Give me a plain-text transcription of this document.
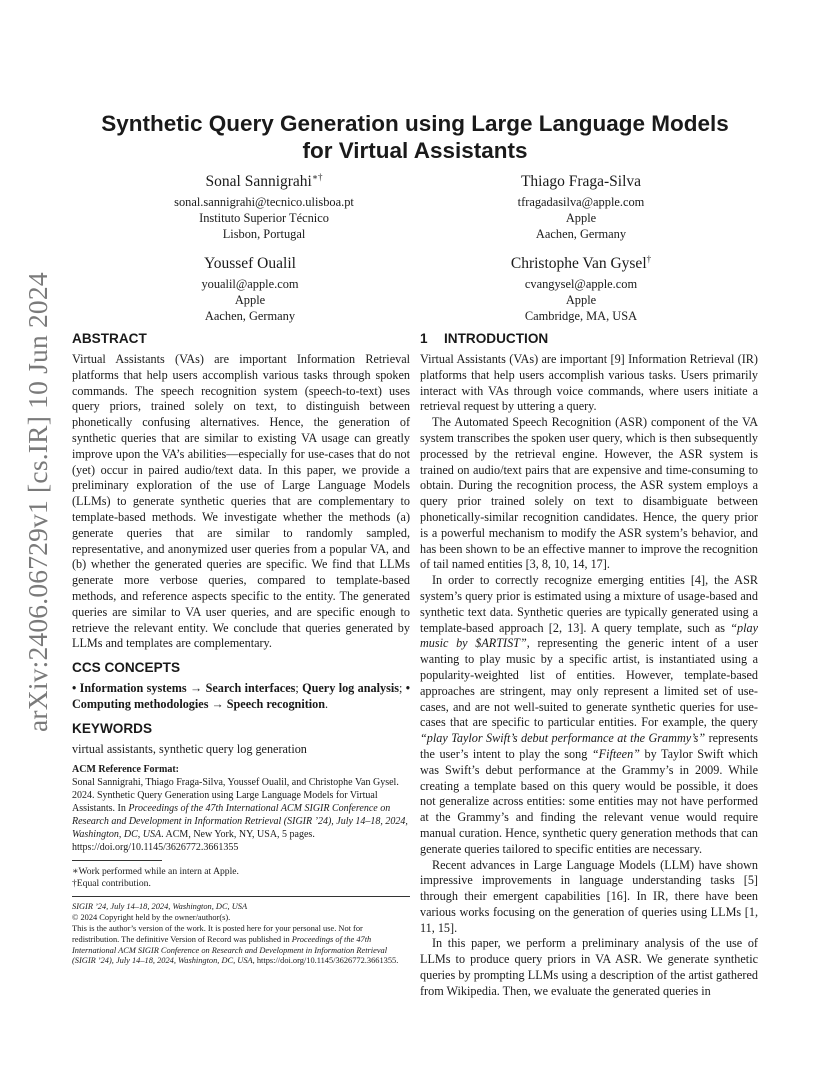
arXiv:2406.06729v1 [cs.IR] 10 Jun 2024
Synthetic Query Generation using Large Language Models
for Virtual Assistants
Sonal Sannigrahi∗†
sonal.sannigrahi@tecnico.ulisboa.pt
Instituto Superior Técnico
Lisbon, Portugal
Thiago Fraga-Silva
tfragadasilva@apple.com
Apple
Aachen, Germany
Youssef Oualil
youalil@apple.com
Apple
Aachen, Germany
Christophe Van Gysel†
cvangysel@apple.com
Apple
Cambridge, MA, USA
ABSTRACT

Virtual Assistants (VAs) are important Information Retrieval platforms that help users accomplish various tasks through spoken commands. The speech recognition system (speech-to-text) uses query priors, trained solely on text, to distinguish between phonetically confusing alternatives. Hence, the generation of synthetic queries that are similar to existing VA usage can greatly improve upon the VA’s abilities—especially for use-cases that do not (yet) occur in paired audio/text data. In this paper, we provide a preliminary exploration of the use of Large Language Models (LLMs) to generate synthetic queries that are complementary to template-based methods. We investigate whether the methods (a) generate queries that are similar to randomly sampled, representative, and anonymized user queries from a popular VA, and (b) whether the generated queries are specific. We find that LLMs generate more verbose queries, compared to template-based methods, and reference aspects specific to the entity. The generated queries are similar to VA user queries, and are specific enough to retrieve the relevant entity. We conclude that queries generated by LLMs and templates are complementary.

CCS CONCEPTS

• Information systems → Search interfaces; Query log analysis; • Computing methodologies → Speech recognition.

KEYWORDS

virtual assistants, synthetic query log generation

ACM Reference Format:

Sonal Sannigrahi, Thiago Fraga-Silva, Youssef Oualil, and Christophe Van Gysel. 2024. Synthetic Query Generation using Large Language Models for Virtual Assistants. In Proceedings of the 47th International ACM SIGIR Conference on Research and Development in Information Retrieval (SIGIR ’24), July 14–18, 2024, Washington, DC, USA. ACM, New York, NY, USA, 5 pages. https://doi.org/10.1145/3626772.3661355

∗Work performed while an intern at Apple.
†Equal contribution.
SIGIR ’24, July 14–18, 2024, Washington, DC, USA
© 2024 Copyright held by the owner/author(s).
This is the author’s version of the work. It is posted here for your personal use. Not for redistribution. The definitive Version of Record was published in Proceedings of the 47th International ACM SIGIR Conference on Research and Development in Information Retrieval (SIGIR ’24), July 14–18, 2024, Washington, DC, USA, https://doi.org/10.1145/3626772.3661355.
1 INTRODUCTION

Virtual Assistants (VAs) are important [9] Information Retrieval (IR) platforms that help users accomplish various tasks. Users primarily interact with VAs through voice commands, where users initiate a retrieval request by uttering a query.

The Automated Speech Recognition (ASR) component of the VA system transcribes the spoken user query, which is then subsequently processed by the retrieval engine. However, the ASR system is trained on audio/text pairs that are expensive and time-consuming to obtain. During the recognition process, the ASR system employs a query prior trained solely on text to disambiguate between phonetically-similar recognition candidates. Hence, the query prior is a powerful mechanism to modify the ASR system’s behavior, and has been shown to be an effective manner to improve the recognition of tail named entities [3, 8, 10, 14, 17].

In order to correctly recognize emerging entities [4], the ASR system’s query prior is estimated using a mixture of usage-based and synthetic text data. Synthetic queries are typically generated using a template-based approach [2, 13]. A query template, such as “play music by $ARTIST”, representing the generic intent of a user wanting to play music by a specific artist, is instantiated using a popularity-weighted list of entities. However, template-based approaches are stringent, may only represent a limited set of use-cases, and are not well-suited to generate synthetic queries for use-cases that are specific to particular entities. For example, the query “play Taylor Swift’s debut performance at the Grammy’s” represents the user’s intent to play the song “Fifteen” by Taylor Swift which was Swift’s debut performance at the Grammy’s in 2009. While creating a template based on this query would be possible, it does not generalize across entities: some entities may not have performed at the Grammy’s and finding the relevant venue would require manual curation. Hence, synthetic query generation methods that can generate queries tailored to specific entities are necessary.

Recent advances in Large Language Models (LLM) have shown impressive improvements in language understanding tasks [5] through their emergent capabilities [16]. In IR, there have been various works focusing on the generation of queries using LLMs [1, 11, 15].

In this paper, we perform a preliminary analysis of the use of LLMs to produce query priors in VA ASR. We generate synthetic queries by prompting LLMs using a description of the artist gathered from Wikipedia. Then, we evaluate the generated queries in
